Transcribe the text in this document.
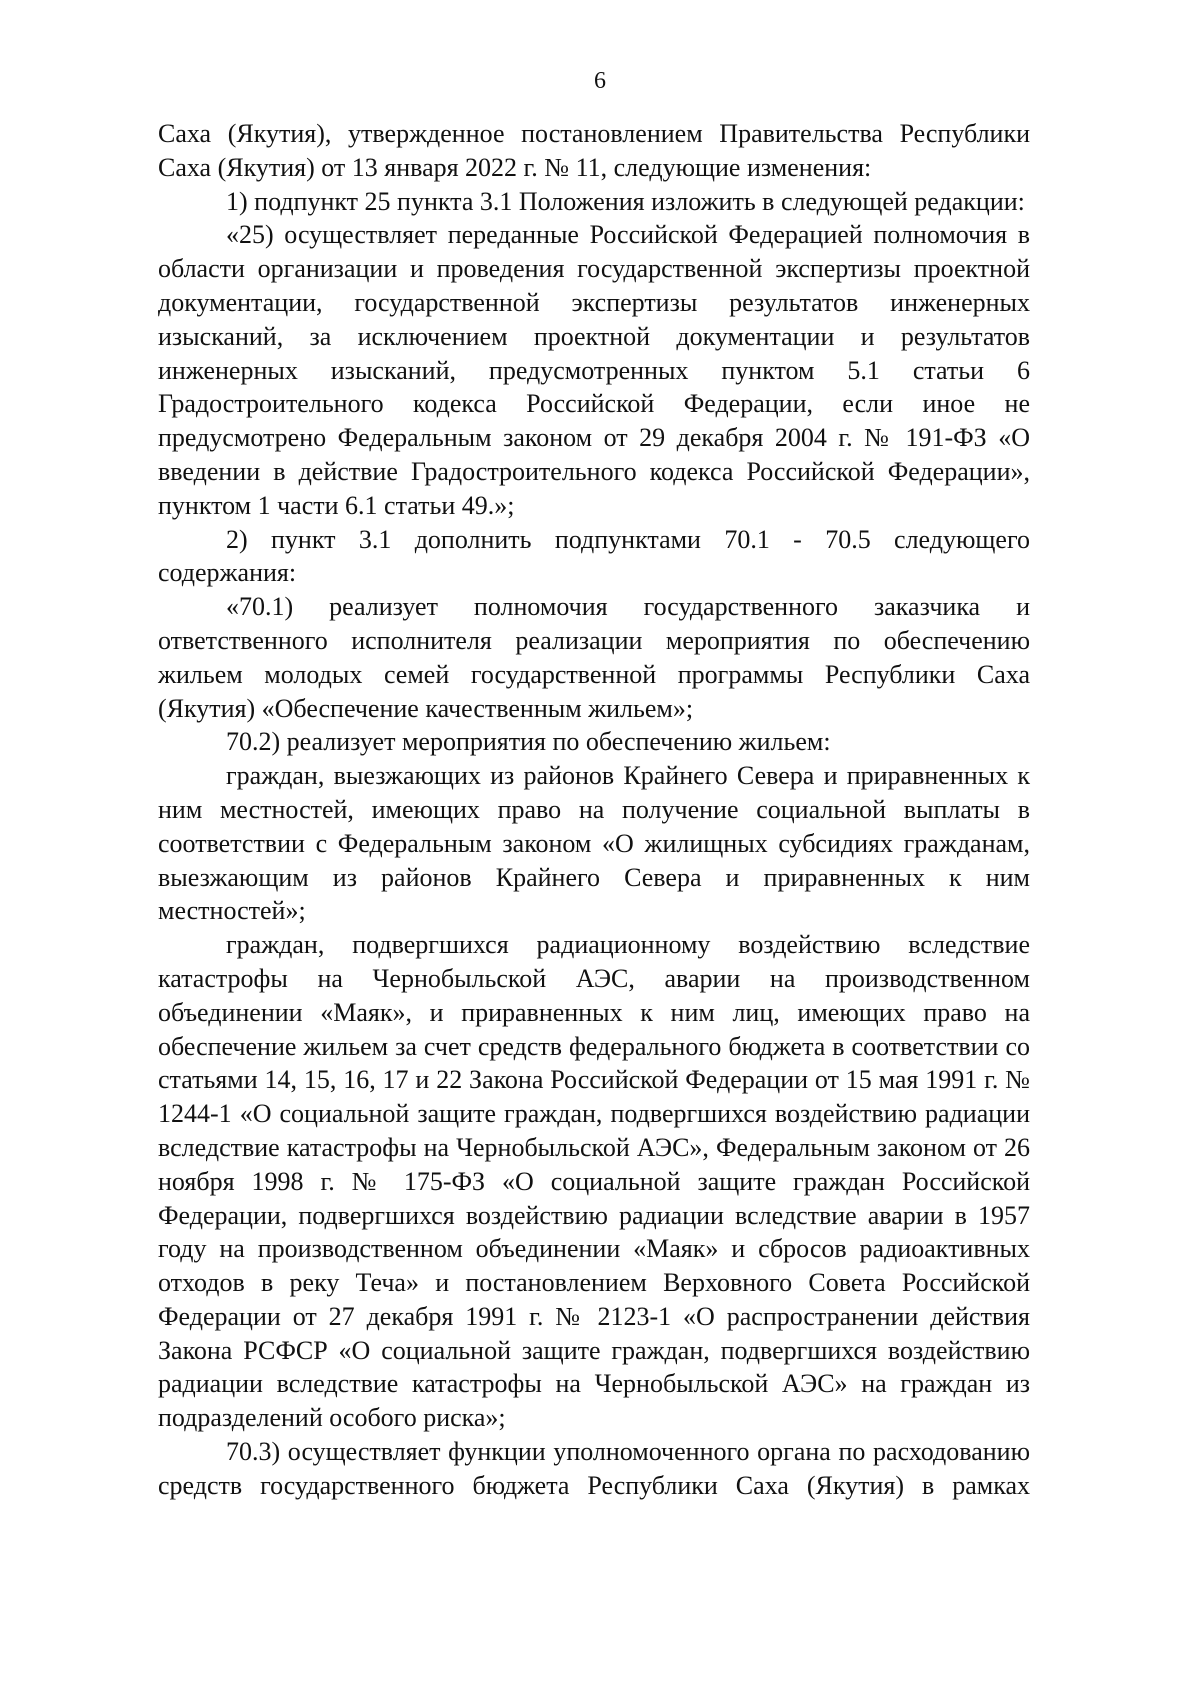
6

Саха (Якутия), утвержденное постановлением Правительства Республики Саха (Якутия) от 13 января 2022 г. № 11, следующие изменения:

1) подпункт 25 пункта 3.1 Положения изложить в следующей редакции:

«25) осуществляет переданные Российской Федерацией полномочия в области организации и проведения государственной экспертизы проектной документации, государственной экспертизы результатов инженерных изысканий, за исключением проектной документации и результатов инженерных изысканий, предусмотренных пунктом 5.1 статьи 6 Градостроительного кодекса Российской Федерации, если иное не предусмотрено Федеральным законом от 29 декабря 2004 г. № 191-ФЗ «О введении в действие Градостроительного кодекса Российской Федерации», пунктом 1 части 6.1 статьи 49.»;

2) пункт 3.1 дополнить подпунктами 70.1 - 70.5 следующего содержания:

«70.1) реализует полномочия государственного заказчика и ответственного исполнителя реализации мероприятия по обеспечению жильем молодых семей государственной программы Республики Саха (Якутия) «Обеспечение качественным жильем»;

70.2) реализует мероприятия по обеспечению жильем:

граждан, выезжающих из районов Крайнего Севера и приравненных к ним местностей, имеющих право на получение социальной выплаты в соответствии с Федеральным законом «О жилищных субсидиях гражданам, выезжающим из районов Крайнего Севера и приравненных к ним местностей»;

граждан, подвергшихся радиационному воздействию вследствие катастрофы на Чернобыльской АЭС, аварии на производственном объединении «Маяк», и приравненных к ним лиц, имеющих право на обеспечение жильем за счет средств федерального бюджета в соответствии со статьями 14, 15, 16, 17 и 22 Закона Российской Федерации от 15 мая 1991 г. № 1244-1 «О социальной защите граждан, подвергшихся воздействию радиации вследствие катастрофы на Чернобыльской АЭС», Федеральным законом от 26 ноября 1998 г. № 175-ФЗ «О социальной защите граждан Российской Федерации, подвергшихся воздействию радиации вследствие аварии в 1957 году на производственном объединении «Маяк» и сбросов радиоактивных отходов в реку Теча» и постановлением Верховного Совета Российской Федерации от 27 декабря 1991 г. № 2123-1 «О распространении действия Закона РСФСР «О социальной защите граждан, подвергшихся воздействию радиации вследствие катастрофы на Чернобыльской АЭС» на граждан из подразделений особого риска»;

70.3) осуществляет функции уполномоченного органа по расходованию средств государственного бюджета Республики Саха (Якутия) в рамках
